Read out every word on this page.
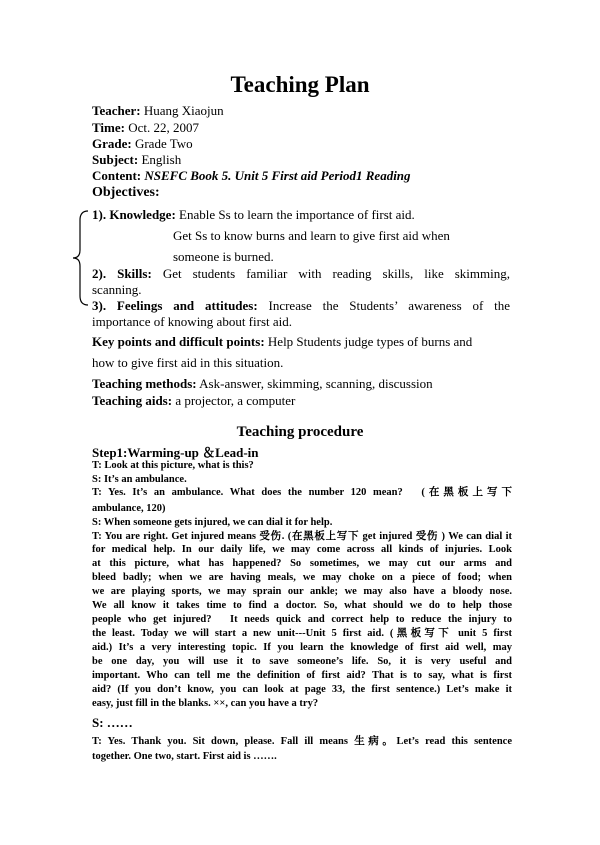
Teaching Plan
Teacher: Huang Xiaojun
Time: Oct. 22, 2007
Grade: Grade Two
Subject: English
Content: NSEFC Book 5. Unit 5 First aid Period1 Reading
Objectives:
1). Knowledge: Enable Ss to learn the importance of first aid.
Get Ss to know burns and learn to give first aid when
someone is burned.
2). Skills: Get students familiar with reading skills, like skimming,
scanning.
3). Feelings and attitudes: Increase the Students’ awareness of the
importance of knowing about first aid.
Key points and difficult points: Help Students judge types of burns and
how to give first aid in this situation.
Teaching methods: Ask-answer, skimming, scanning, discussion
Teaching aids: a projector, a computer
Teaching procedure
Step1:Warming-up ＆Lead-in
T: Look at this picture, what is this?
S: It’s an ambulance.
T: Yes. It’s an ambulance. What does the number 120 mean?　(在黑板上写下
ambulance, 120)
S: When someone gets injured, we can dial it for help.
T: You are right. Get injured means 受伤. (在黑板上写下 get injured 受伤 ) We can dial it
for medical help. In our daily life, we may come across all kinds of injuries. Look
at this picture, what has happened? So sometimes, we may cut our arms and
bleed badly; when we are having meals, we may choke on a piece of food; when
we are playing sports, we may sprain our ankle; we may also have a bloody nose.
We all know it takes time to find a doctor. So, what should we do to help those
people who get injured?　It needs quick and correct help to reduce the injury to
the least. Today we will start a new unit---Unit 5 first aid. (黑板写下 unit 5 first
aid.) It’s a very interesting topic. If you learn the knowledge of first aid well, may
be one day, you will use it to save someone’s life. So, it is very useful and
important. Who can tell me the definition of first aid? That is to say, what is first
aid? (If you don’t know, you can look at page 33, the first sentence.) Let’s make it
easy, just fill in the blanks. ××, can you have a try?
S: ……
T: Yes. Thank you. Sit down, please. Fall ill means 生病。Let’s read this sentence
together. One two, start. First aid is …….
